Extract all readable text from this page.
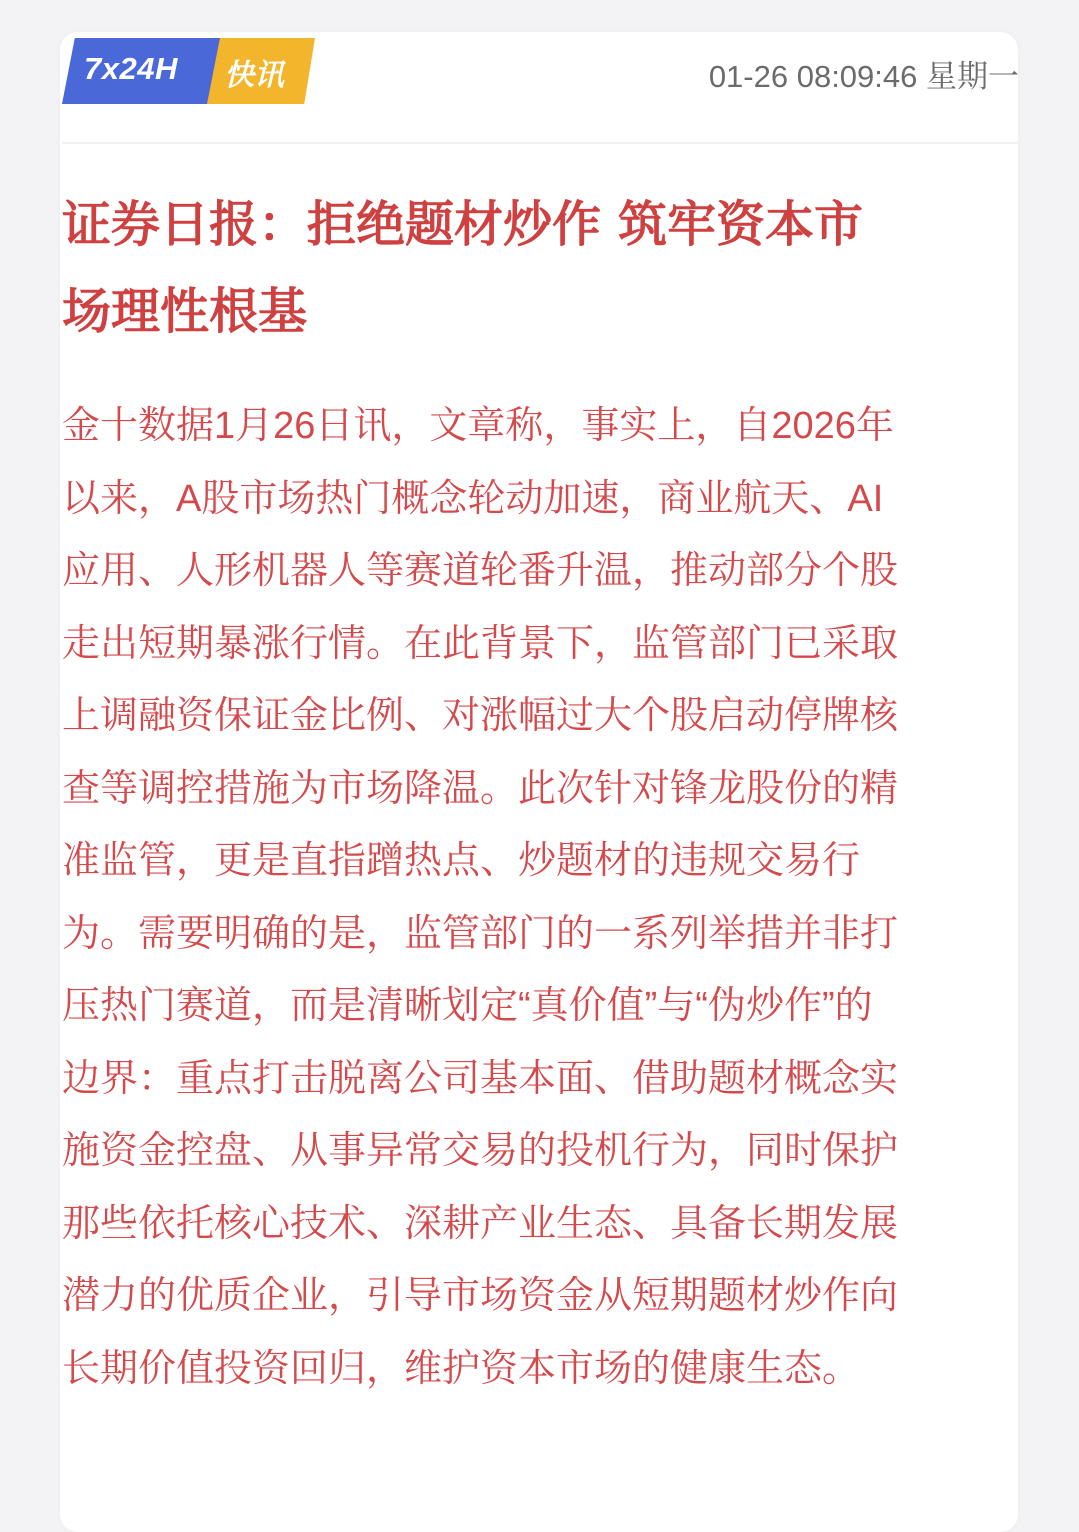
7x24H 快讯	01-26 08:09:46 星期一
证券日报：拒绝题材炒作 筑牢资本市场理性根基

金十数据1月26日讯，文章称，事实上，自2026年以来，A股市场热门概念轮动加速，商业航天、AI应用、人形机器人等赛道轮番升温，推动部分个股走出短期暴涨行情。在此背景下，监管部门已采取上调融资保证金比例、对涨幅过大个股启动停牌核查等调控措施为市场降温。此次针对锋龙股份的精准监管，更是直指蹭热点、炒题材的违规交易行为。需要明确的是，监管部门的一系列举措并非打压热门赛道，而是清晰划定“真价值”与“伪炒作”的边界：重点打击脱离公司基本面、借助题材概念实施资金控盘、从事异常交易的投机行为，同时保护那些依托核心技术、深耕产业生态、具备长期发展潜力的优质企业，引导市场资金从短期题材炒作向长期价值投资回归，维护资本市场的健康生态。
